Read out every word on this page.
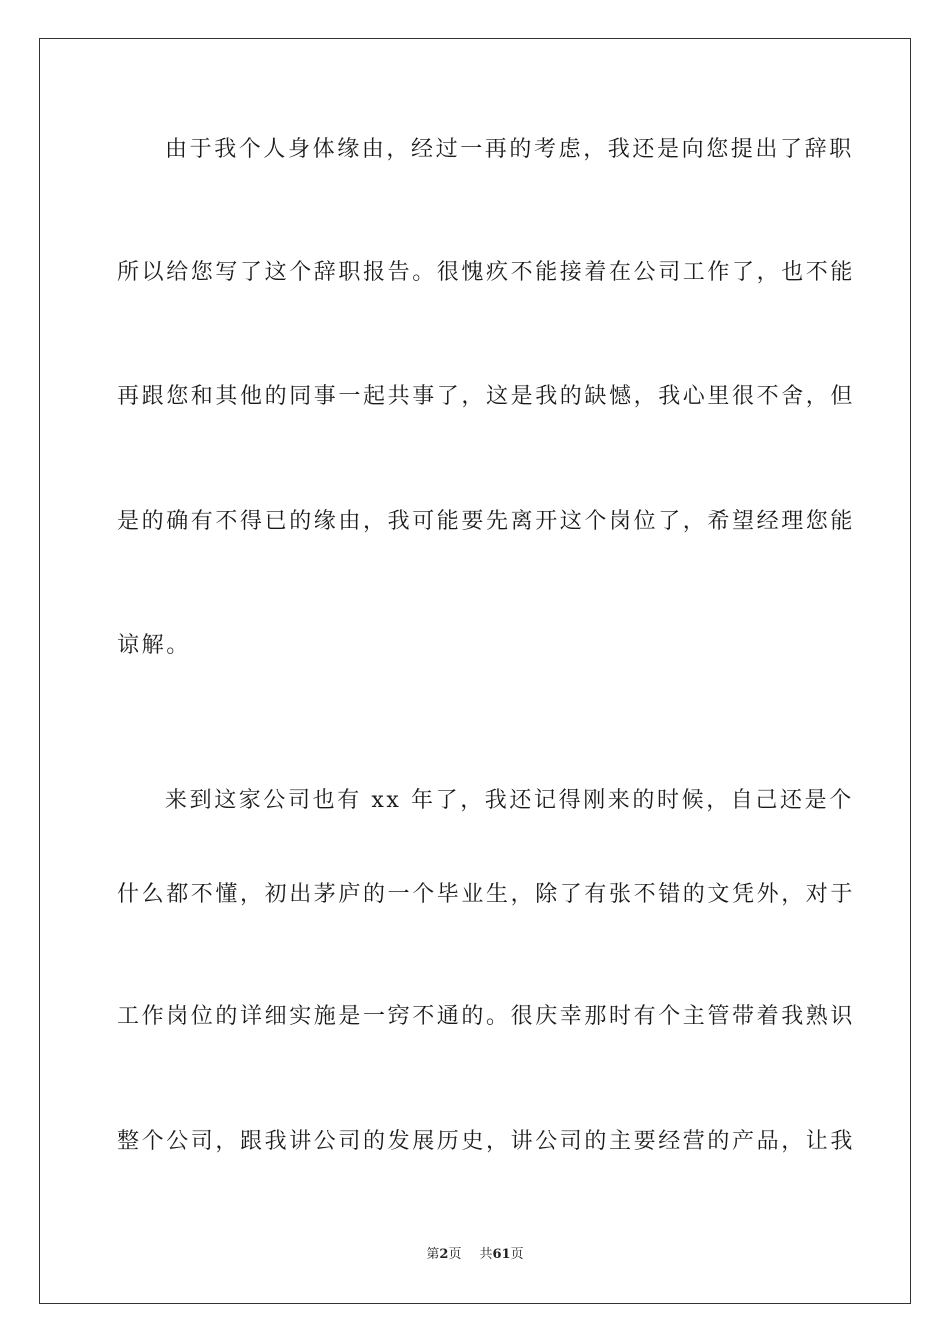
由于我个人身体缘由，经过一再的考虑，我还是向您提出了辞职
所以给您写了这个辞职报告。很愧疚不能接着在公司工作了，也不能
再跟您和其他的同事一起共事了，这是我的缺憾，我心里很不舍，但
是的确有不得已的缘由，我可能要先离开这个岗位了，希望经理您能
谅解。
来到这家公司也有 xx 年了，我还记得刚来的时候，自己还是个
什么都不懂，初出茅庐的一个毕业生，除了有张不错的文凭外，对于
工作岗位的详细实施是一窍不通的。很庆幸那时有个主管带着我熟识
整个公司，跟我讲公司的发展历史，讲公司的主要经营的产品，让我
第2页 共61页
